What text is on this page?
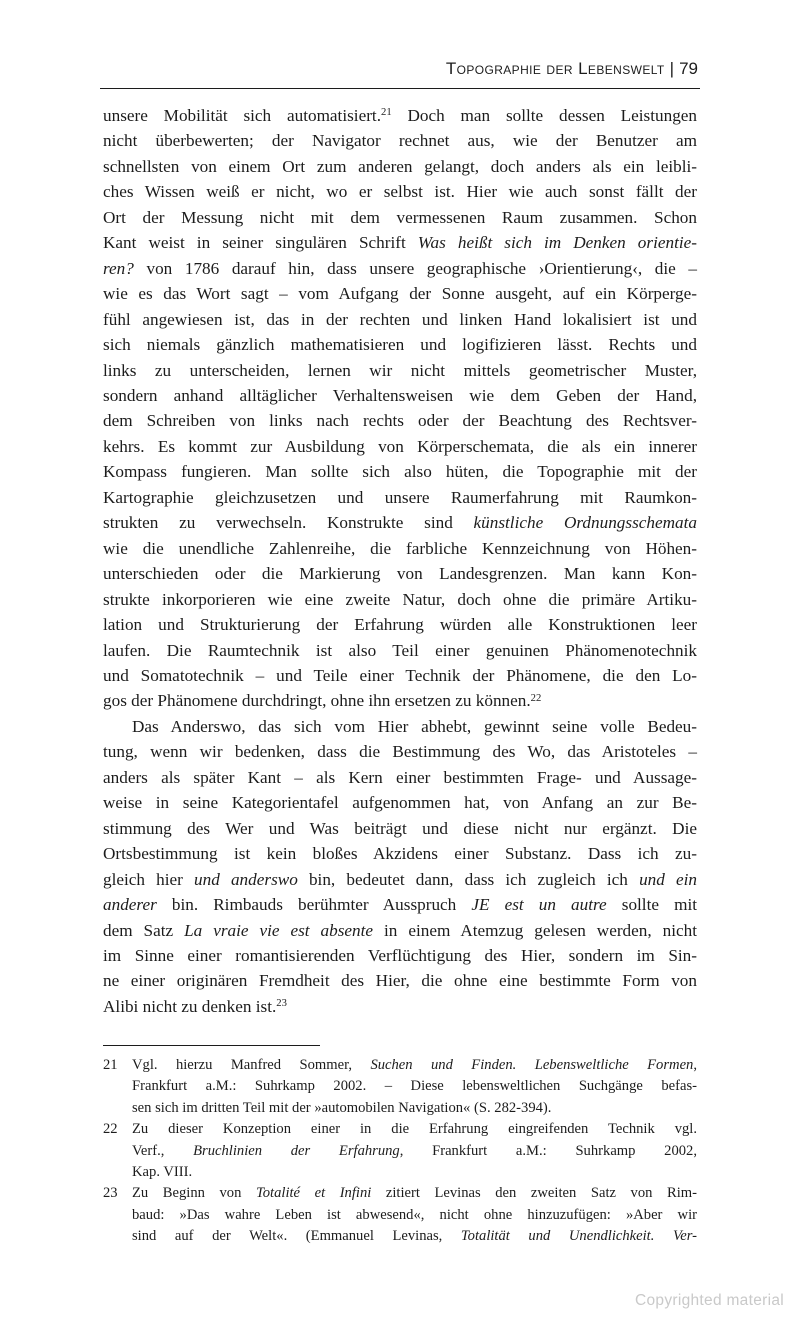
Topographie der Lebenswelt | 79
unsere Mobilität sich automatisiert.$^{21}$ Doch man sollte dessen Leistungen
nicht überbewerten; der Navigator rechnet aus, wie der Benutzer am
schnellsten von einem Ort zum anderen gelangt, doch anders als ein leibli-
ches Wissen weiß er nicht, wo er selbst ist. Hier wie auch sonst fällt der
Ort der Messung nicht mit dem vermessenen Raum zusammen. Schon
Kant weist in seiner singulären Schrift Was heißt sich im Denken orientie-
ren? von 1786 darauf hin, dass unsere geographische ›Orientierung‹, die –
wie es das Wort sagt – vom Aufgang der Sonne ausgeht, auf ein Körperge-
fühl angewiesen ist, das in der rechten und linken Hand lokalisiert ist und
sich niemals gänzlich mathematisieren und logifizieren lässt. Rechts und
links zu unterscheiden, lernen wir nicht mittels geometrischer Muster,
sondern anhand alltäglicher Verhaltensweisen wie dem Geben der Hand,
dem Schreiben von links nach rechts oder der Beachtung des Rechtsver-
kehrs. Es kommt zur Ausbildung von Körperschemata, die als ein innerer
Kompass fungieren. Man sollte sich also hüten, die Topographie mit der
Kartographie gleichzusetzen und unsere Raumerfahrung mit Raumkon-
strukten zu verwechseln. Konstrukte sind künstliche Ordnungsschemata
wie die unendliche Zahlenreihe, die farbliche Kennzeichnung von Höhen-
unterschieden oder die Markierung von Landesgrenzen. Man kann Kon-
strukte inkorporieren wie eine zweite Natur, doch ohne die primäre Artiku-
lation und Strukturierung der Erfahrung würden alle Konstruktionen leer
laufen. Die Raumtechnik ist also Teil einer genuinen Phänomenotechnik
und Somatotechnik – und Teile einer Technik der Phänomene, die den Lo-
gos der Phänomene durchdringt, ohne ihn ersetzen zu können.$^{22}$
Das Anderswo, das sich vom Hier abhebt, gewinnt seine volle Bedeu-
tung, wenn wir bedenken, dass die Bestimmung des Wo, das Aristoteles –
anders als später Kant – als Kern einer bestimmten Frage- und Aussage-
weise in seine Kategorientafel aufgenommen hat, von Anfang an zur Be-
stimmung des Wer und Was beiträgt und diese nicht nur ergänzt. Die
Ortsbestimmung ist kein bloßes Akzidens einer Substanz. Dass ich zu-
gleich hier und anderswo bin, bedeutet dann, dass ich zugleich ich und ein
anderer bin. Rimbauds berühmter Ausspruch JE est un autre sollte mit
dem Satz La vraie vie est absente in einem Atemzug gelesen werden, nicht
im Sinne einer romantisierenden Verflüchtigung des Hier, sondern im Sin-
ne einer originären Fremdheit des Hier, die ohne eine bestimmte Form von
Alibi nicht zu denken ist.$^{23}$
21 Vgl. hierzu Manfred Sommer, Suchen und Finden. Lebensweltliche Formen,
Frankfurt a.M.: Suhrkamp 2002. – Diese lebensweltlichen Suchgänge befas-
sen sich im dritten Teil mit der »automobilen Navigation« (S. 282-394).
22 Zu dieser Konzeption einer in die Erfahrung eingreifenden Technik vgl.
Verf., Bruchlinien der Erfahrung, Frankfurt a.M.: Suhrkamp 2002,
Kap. VIII.
23 Zu Beginn von Totalité et Infini zitiert Levinas den zweiten Satz von Rim-
baud: »Das wahre Leben ist abwesend«, nicht ohne hinzuzufügen: »Aber wir
sind auf der Welt«. (Emmanuel Levinas, Totalität und Unendlichkeit. Ver-
Copyrighted material
